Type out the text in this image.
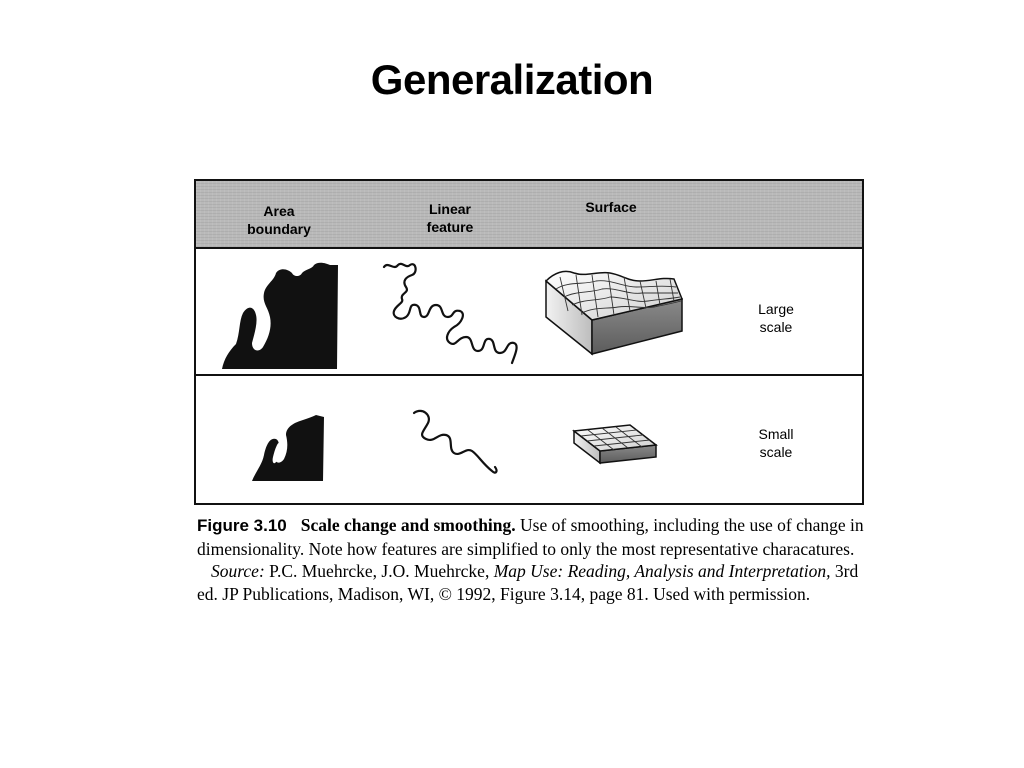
Generalization
Area
boundary
Linear
feature
Surface
Large
scale
Small
scale
Figure 3.10 Scale change and smoothing. Use of smoothing, including the use of change in dimensionality. Note how features are simplified to only the most representative characatures. Source: P.C. Muehrcke, J.O. Muehrcke, Map Use: Reading, Analysis and Interpretation, 3rd ed. JP Publications, Madison, WI, © 1992, Figure 3.14, page 81. Used with permission.
